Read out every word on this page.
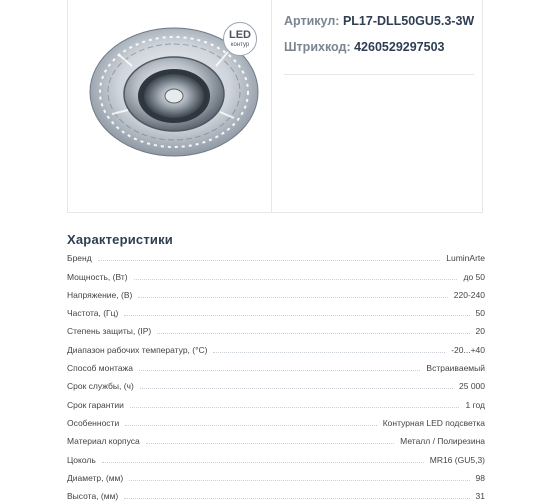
LED
контур
Артикул: PL17-DLL50GU5.3-3W
Штрихкод: 4260529297503
Характеристики
Бренд	LuminArte
Мощность, (Вт)	до 50
Напряжение, (В)	220-240
Частота, (Гц)	50
Степень защиты, (IP)	20
Диапазон рабочих температур, (°C)	-20...+40
Способ монтажа	Встраиваемый
Срок службы, (ч)	25 000
Срок гарантии	1 год
Особенности	Контурная LED подсветка
Материал корпуса	Металл / Полирезина
Цоколь	MR16 (GU5,3)
Диаметр, (мм)	98
Высота, (мм)	31
